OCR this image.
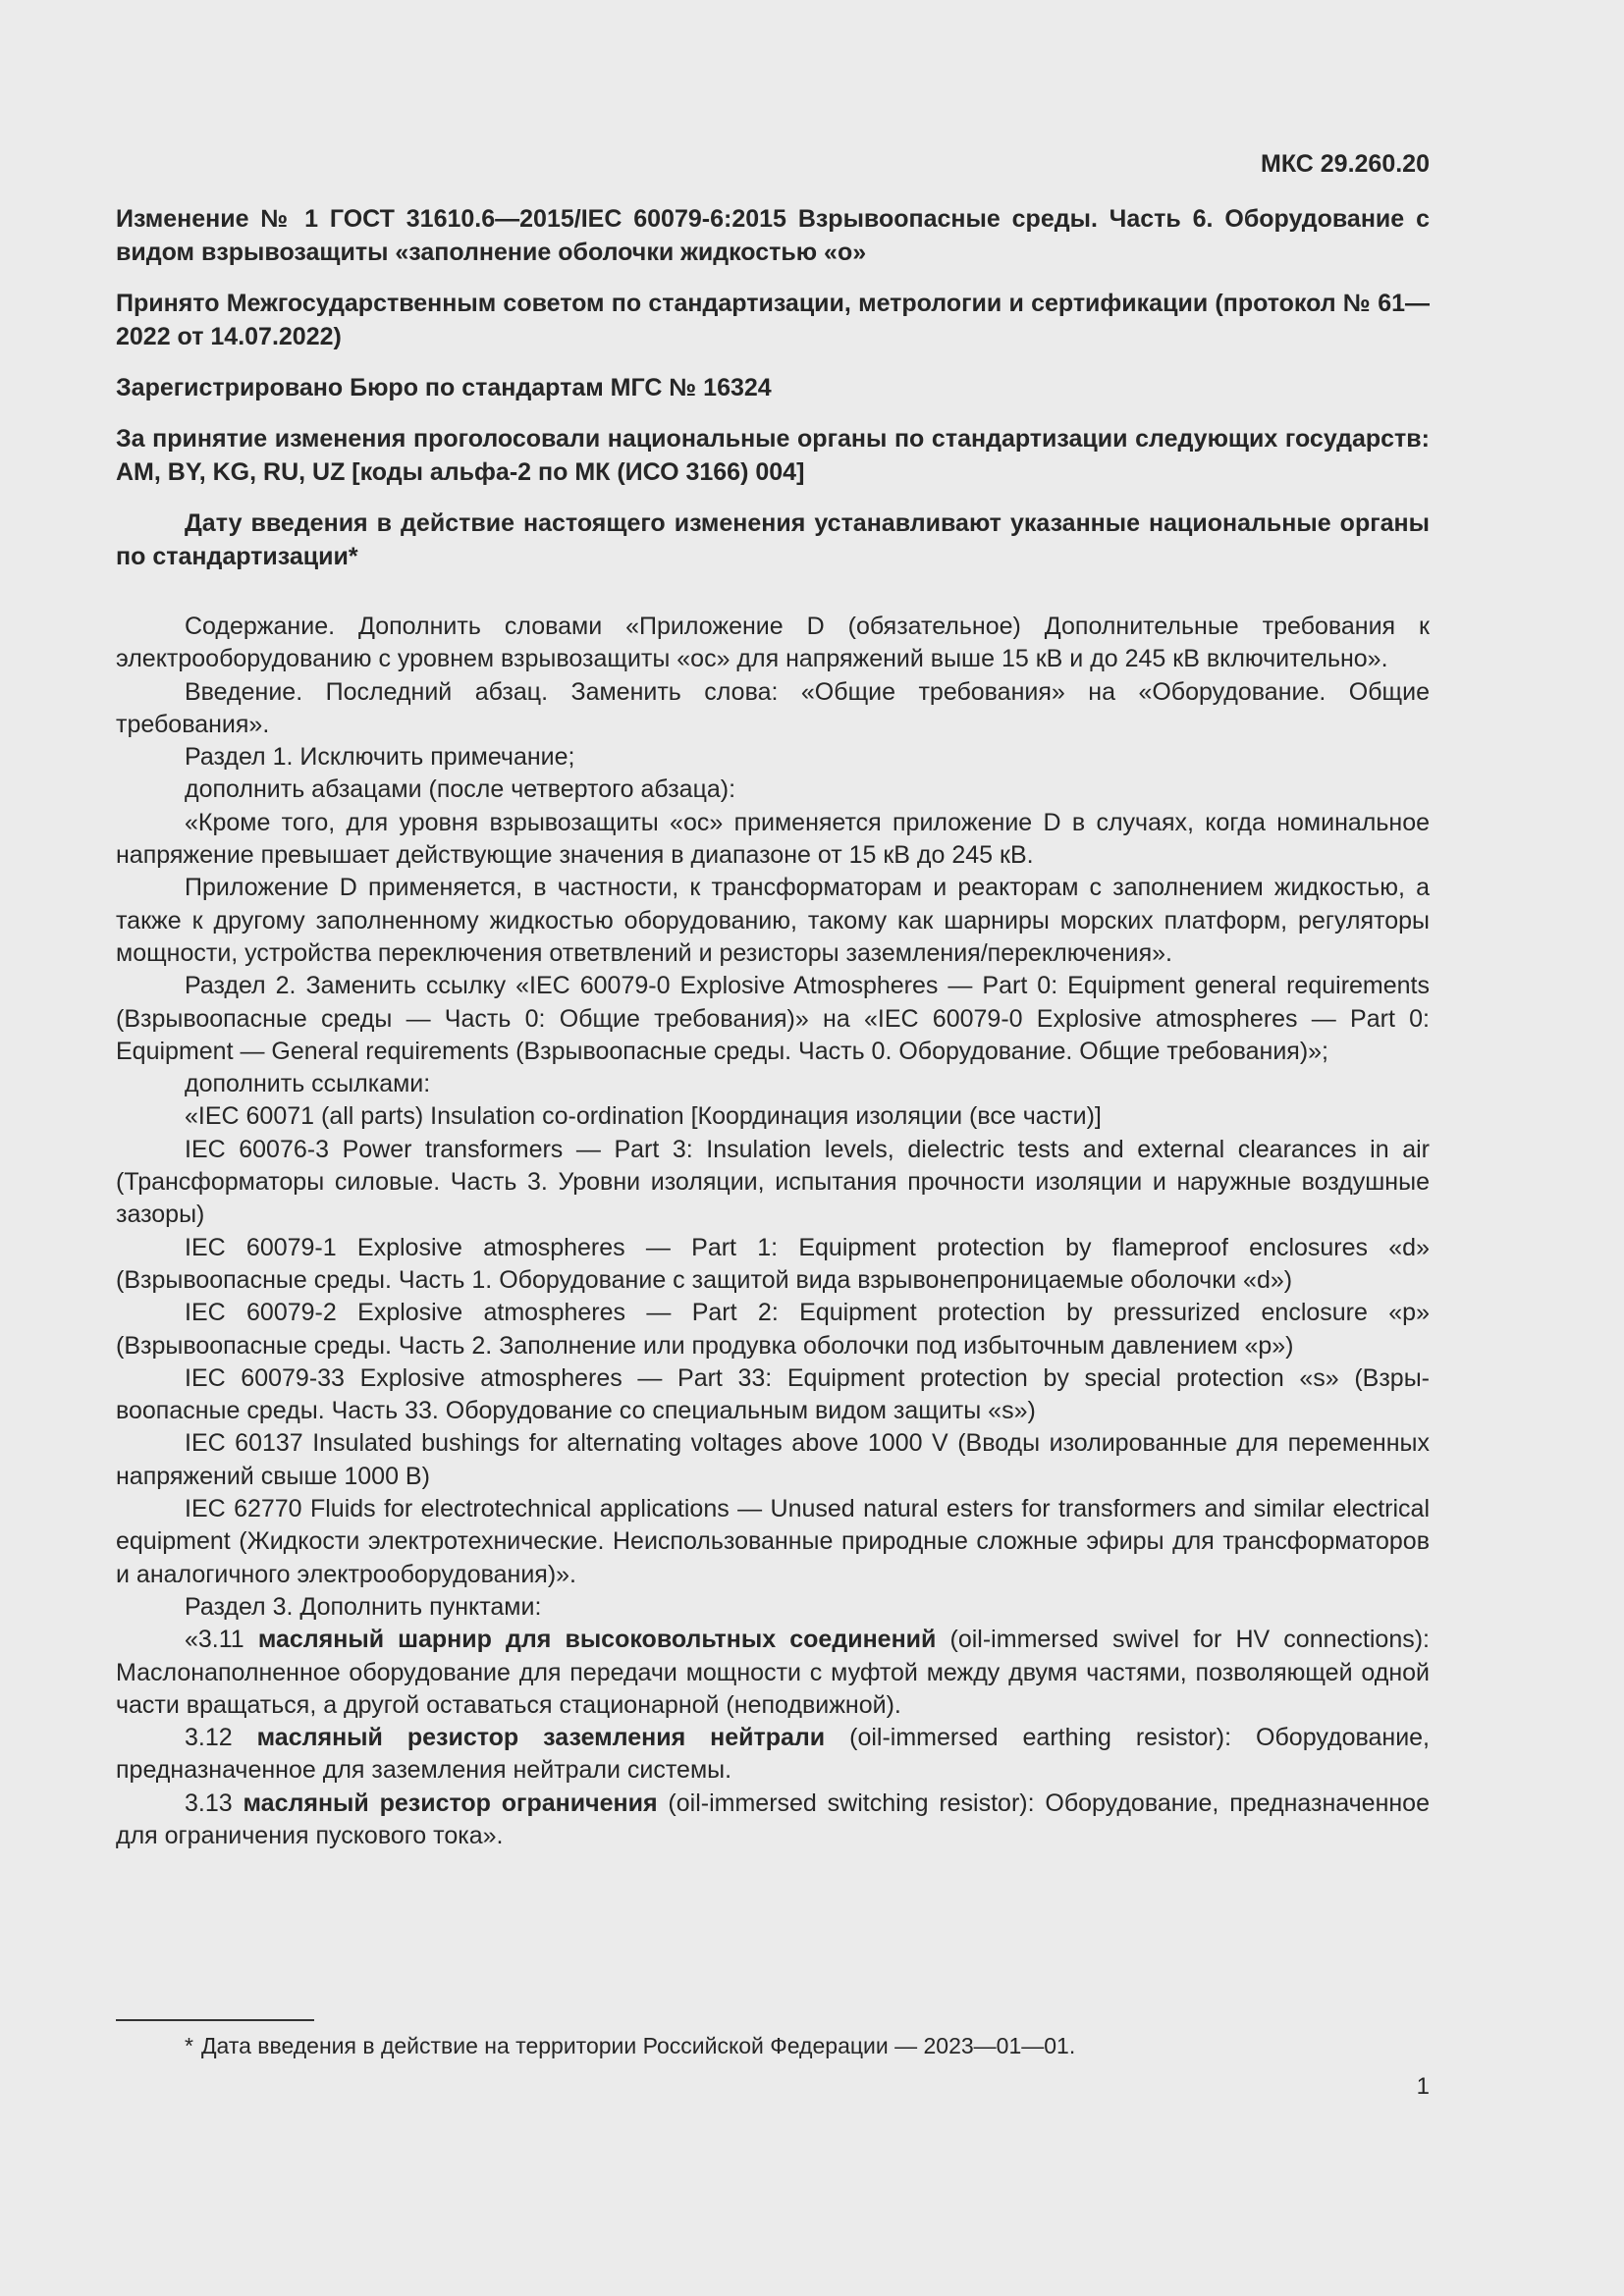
МКС 29.260.20
Изменение № 1 ГОСТ 31610.6—2015/IEC 60079-6:2015 Взрывоопасные среды. Часть 6. Оборудование с видом взрывозащиты «заполнение оболочки жидкостью «о»
Принято Межгосударственным советом по стандартизации, метрологии и сертификации (протокол № 61—2022 от 14.07.2022)
Зарегистрировано Бюро по стандартам МГС № 16324
За принятие изменения проголосовали национальные органы по стандартизации следующих государств: AM, BY, KG, RU, UZ [коды альфа-2 по МК (ИСО 3166) 004]
Дату введения в действие настоящего изменения устанавливают указанные национальные органы по стандартизации*

Содержание. Дополнить словами «Приложение D (обязательное) Дополнительные требования к электрооборудованию с уровнем взрывозащиты «ос» для напряжений выше 15 кВ и до 245 кВ включительно».

Введение. Последний абзац. Заменить слова: «Общие требования» на «Оборудование. Общие требования».

Раздел 1. Исключить примечание;

дополнить абзацами (после четвертого абзаца):

«Кроме того, для уровня взрывозащиты «ос» применяется приложение D в случаях, когда номинальное напряжение превышает действующие значения в диапазоне от 15 кВ до 245 кВ.

Приложение D применяется, в частности, к трансформаторам и реакторам с заполнением жидкостью, а также к другому заполненному жидкостью оборудованию, такому как шарниры морских платформ, регуляторы мощности, устройства переключения ответвлений и резисторы заземления/переключения».

Раздел 2. Заменить ссылку «IEC 60079-0 Explosive Atmospheres — Part 0: Equipment general requirements (Взрывоопасные среды — Часть 0: Общие требования)» на «IEC 60079-0 Explosive atmospheres — Part 0: Equipment — General requirements (Взрывоопасные среды. Часть 0. Оборудование. Общие требования)»;

дополнить ссылками:

«IEC 60071 (all parts) Insulation co-ordination [Координация изоляции (все части)]

IEC 60076-3 Power transformers — Part 3: Insulation levels, dielectric tests and external clearances in air (Трансформаторы силовые. Часть 3. Уровни изоляции, испытания прочности изоляции и наружные воздушные зазоры)

IEC 60079-1 Explosive atmospheres — Part 1: Equipment protection by flameproof enclosures «d» (Взрывоопасные среды. Часть 1. Оборудование с защитой вида взрывонепроницаемые оболочки «d»)

IEC 60079-2 Explosive atmospheres — Part 2: Equipment protection by pressurized enclosure «p» (Взрывоопасные среды. Часть 2. Заполнение или продувка оболочки под избыточным давлением «p»)

IEC 60079-33 Explosive atmospheres — Part 33: Equipment protection by special protection «s» (Взрывоопасные среды. Часть 33. Оборудование со специальным видом защиты «s»)

IEC 60137 Insulated bushings for alternating voltages above 1000 V (Вводы изолированные для переменных напряжений свыше 1000 В)

IEC 62770 Fluids for electrotechnical applications — Unused natural esters for transformers and similar electrical equipment (Жидкости электротехнические. Неиспользованные природные сложные эфиры для трансформаторов и аналогичного электрооборудования)».

Раздел 3. Дополнить пунктами:

«3.11 масляный шарнир для высоковольтных соединений (oil-immersed swivel for HV connections): Маслонаполненное оборудование для передачи мощности с муфтой между двумя частями, позволяющей одной части вращаться, а другой оставаться стационарной (неподвижной).

3.12 масляный резистор заземления нейтрали (oil-immersed earthing resistor): Оборудование, предназначенное для заземления нейтрали системы.

3.13 масляный резистор ограничения (oil-immersed switching resistor): Оборудование, предназначенное для ограничения пускового тока».

* Дата введения в действие на территории Российской Федерации — 2023—01—01.
1
